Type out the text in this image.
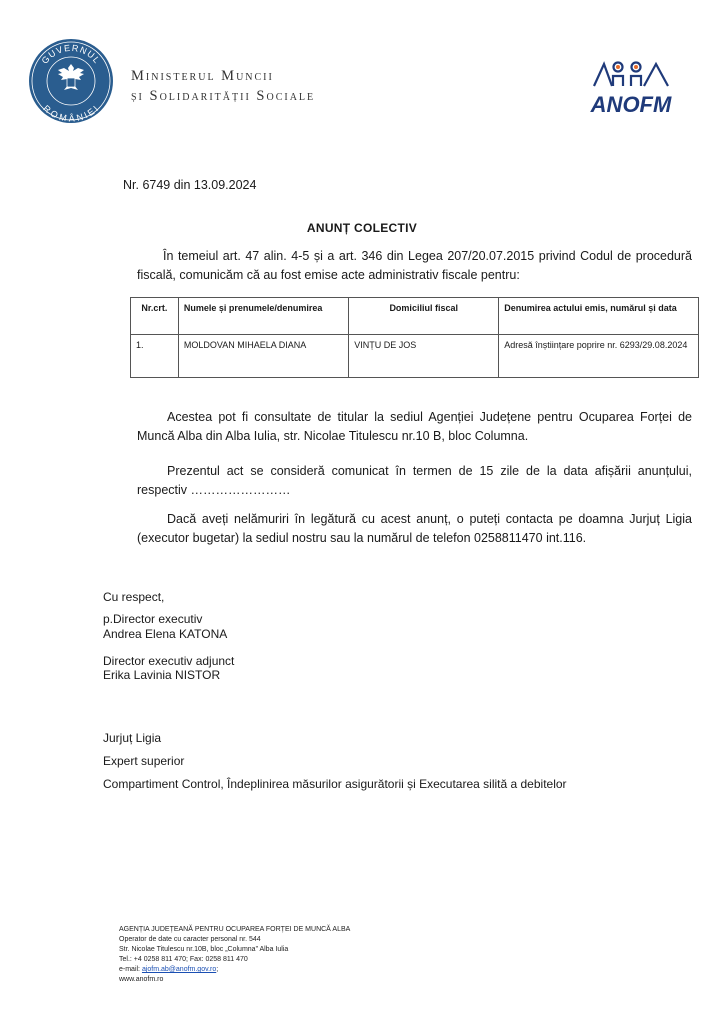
GUVERNUL
ROMÂNIEI
Ministerul Muncii
și Solidarității Sociale	ANOFM
Nr. 6749 din 13.09.2024
ANUNȚ COLECTIV
În temeiul art. 47 alin. 4-5 și a art. 346 din Legea 207/20.07.2015 privind Codul de procedură fiscală, comunicăm că au fost emise acte administrativ fiscale pentru:
Nr.crt.	Numele și prenumele/denumirea	Domiciliul fiscal	Denumirea actului emis, numărul și data
1.	MOLDOVAN MIHAELA DIANA	VINȚU DE JOS	Adresă înștiințare poprire nr. 6293/29.08.2024
Acestea pot fi consultate de titular la sediul Agenției Județene pentru Ocuparea Forței de Muncă Alba din Alba Iulia, str. Nicolae Titulescu nr.10 B, bloc Columna.
Prezentul act se consideră comunicat în termen de 15 zile de la data afișării anunțului, respectiv ……………………
Dacă aveți nelămuriri în legătură cu acest anunț, o puteți contacta pe doamna Jurjuț Ligia (executor bugetar) la sediul nostru sau la numărul de telefon 0258811470 int.116.
Cu respect,
p.Director executiv
Andrea Elena KATONA
Director executiv adjunct
Erika Lavinia NISTOR
Jurjuț Ligia
Expert superior
Compartiment Control, Îndeplinirea măsurilor asigurătorii și Executarea silită a debitelor
AGENȚIA JUDEȚEANĂ PENTRU OCUPAREA FORȚEI DE MUNCĂ ALBA
Operator de date cu caracter personal nr. 544
Str. Nicolae Titulescu nr.10B, bloc „Columna” Alba Iulia
Tel.: +4 0258 811 470; Fax: 0258 811 470
e-mail: ajofm.ab@anofm.gov.ro;
www.anofm.ro
